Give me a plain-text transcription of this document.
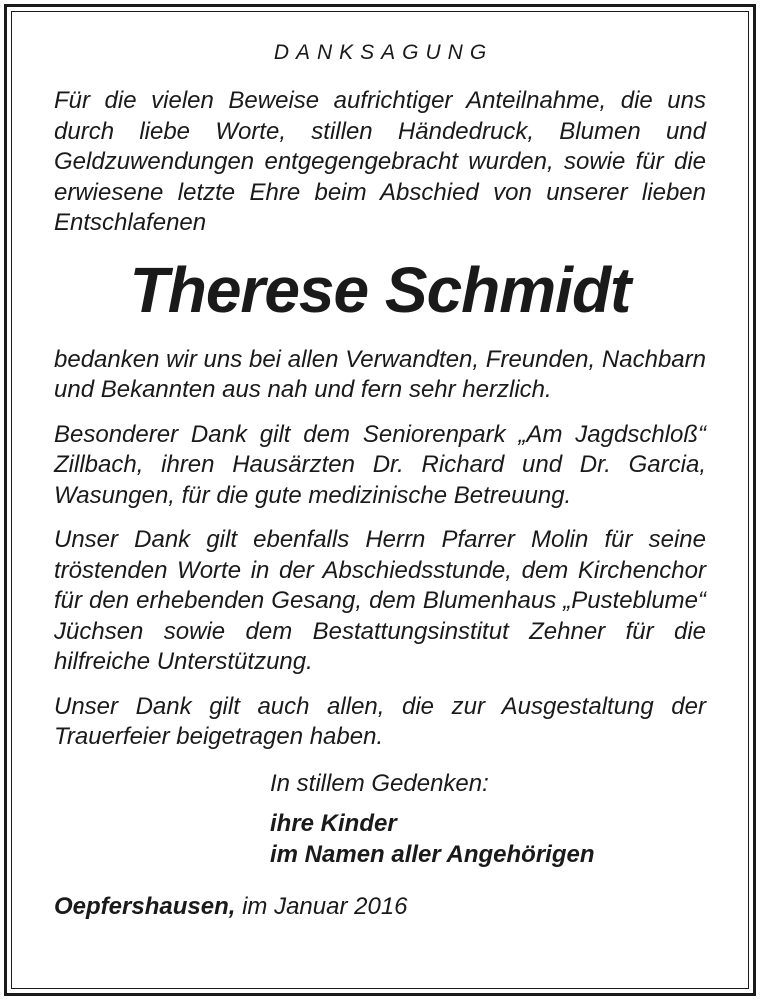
DANKSAGUNG

Für die vielen Beweise aufrichtiger Anteilnahme, die uns durch liebe Worte, stillen Händedruck, Blumen und Geldzuwendungen entgegengebracht wurden, sowie für die erwiesene letzte Ehre beim Abschied von unserer lieben Entschlafenen

Therese Schmidt

bedanken wir uns bei allen Verwandten, Freunden, Nachbarn und Bekannten aus nah und fern sehr herzlich.

Besonderer Dank gilt dem Seniorenpark „Am Jagdschloß“ Zillbach, ihren Hausärzten Dr. Richard und Dr. Garcia, Wasungen, für die gute medizinische Betreuung.

Unser Dank gilt ebenfalls Herrn Pfarrer Molin für seine tröstenden Worte in der Abschiedsstunde, dem Kirchenchor für den erhebenden Gesang, dem Blumenhaus „Pusteblume“ Jüchsen sowie dem Bestattungsinstitut Zehner für die hilfreiche Unterstützung.

Unser Dank gilt auch allen, die zur Ausgestaltung der Trauerfeier beigetragen haben.

In stillem Gedenken:
ihre Kinder
im Namen aller Angehörigen
Oepfershausen, im Januar 2016
